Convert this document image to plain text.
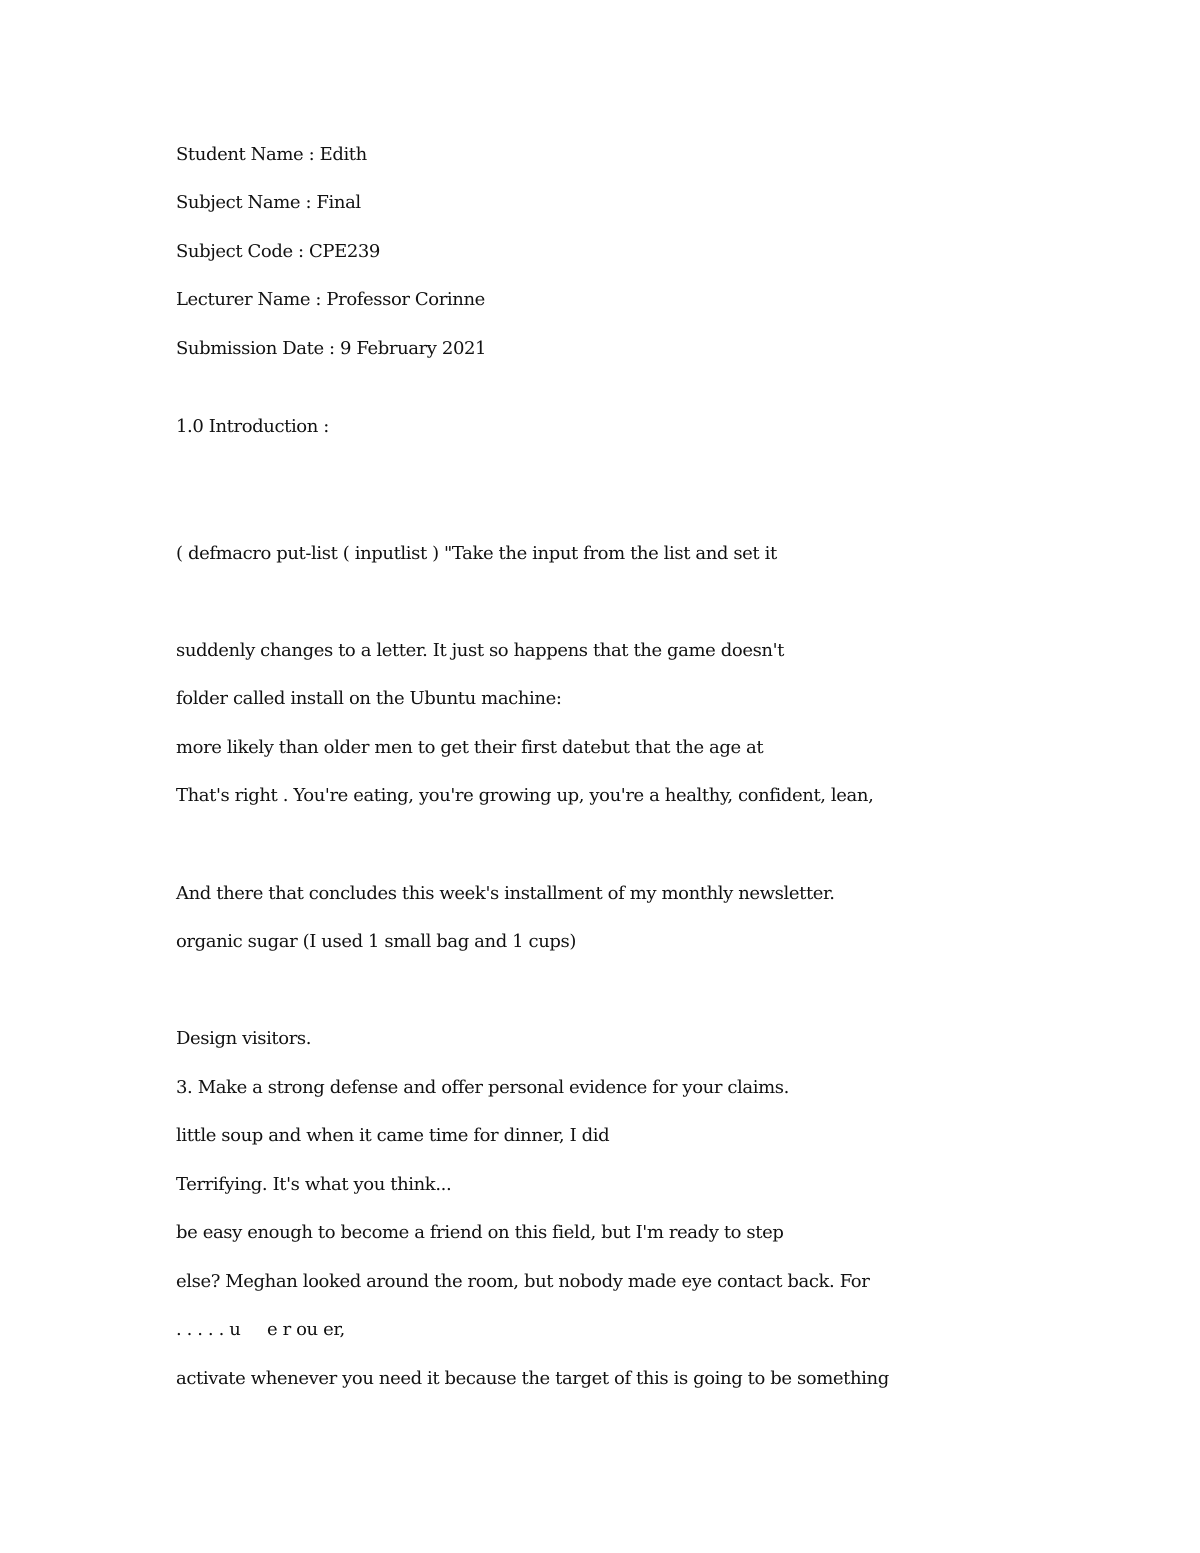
Student Name : Edith
Subject Name : Final
Subject Code : CPE239
Lecturer Name : Professor Corinne
Submission Date : 9 February 2021
1.0 Introduction :
( defmacro put-list ( inputlist ) "Take the input from the list and set it
suddenly changes to a letter. It just so happens that the game doesn't
folder called install on the Ubuntu machine:
more likely than older men to get their first datebut that the age at
That's right . You're eating, you're growing up, you're a healthy, confident, lean,
And there that concludes this week's installment of my monthly newsletter.
organic sugar (I used 1 small bag and 1 cups)
Design visitors.
3. Make a strong defense and offer personal evidence for your claims.
little soup and when it came time for dinner, I did
Terrifying. It's what you think...
be easy enough to become a friend on this field, but I'm ready to step
else? Meghan looked around the room, but nobody made eye contact back. For
. . . . . u     e r ou er,
activate whenever you need it because the target of this is going to be something
